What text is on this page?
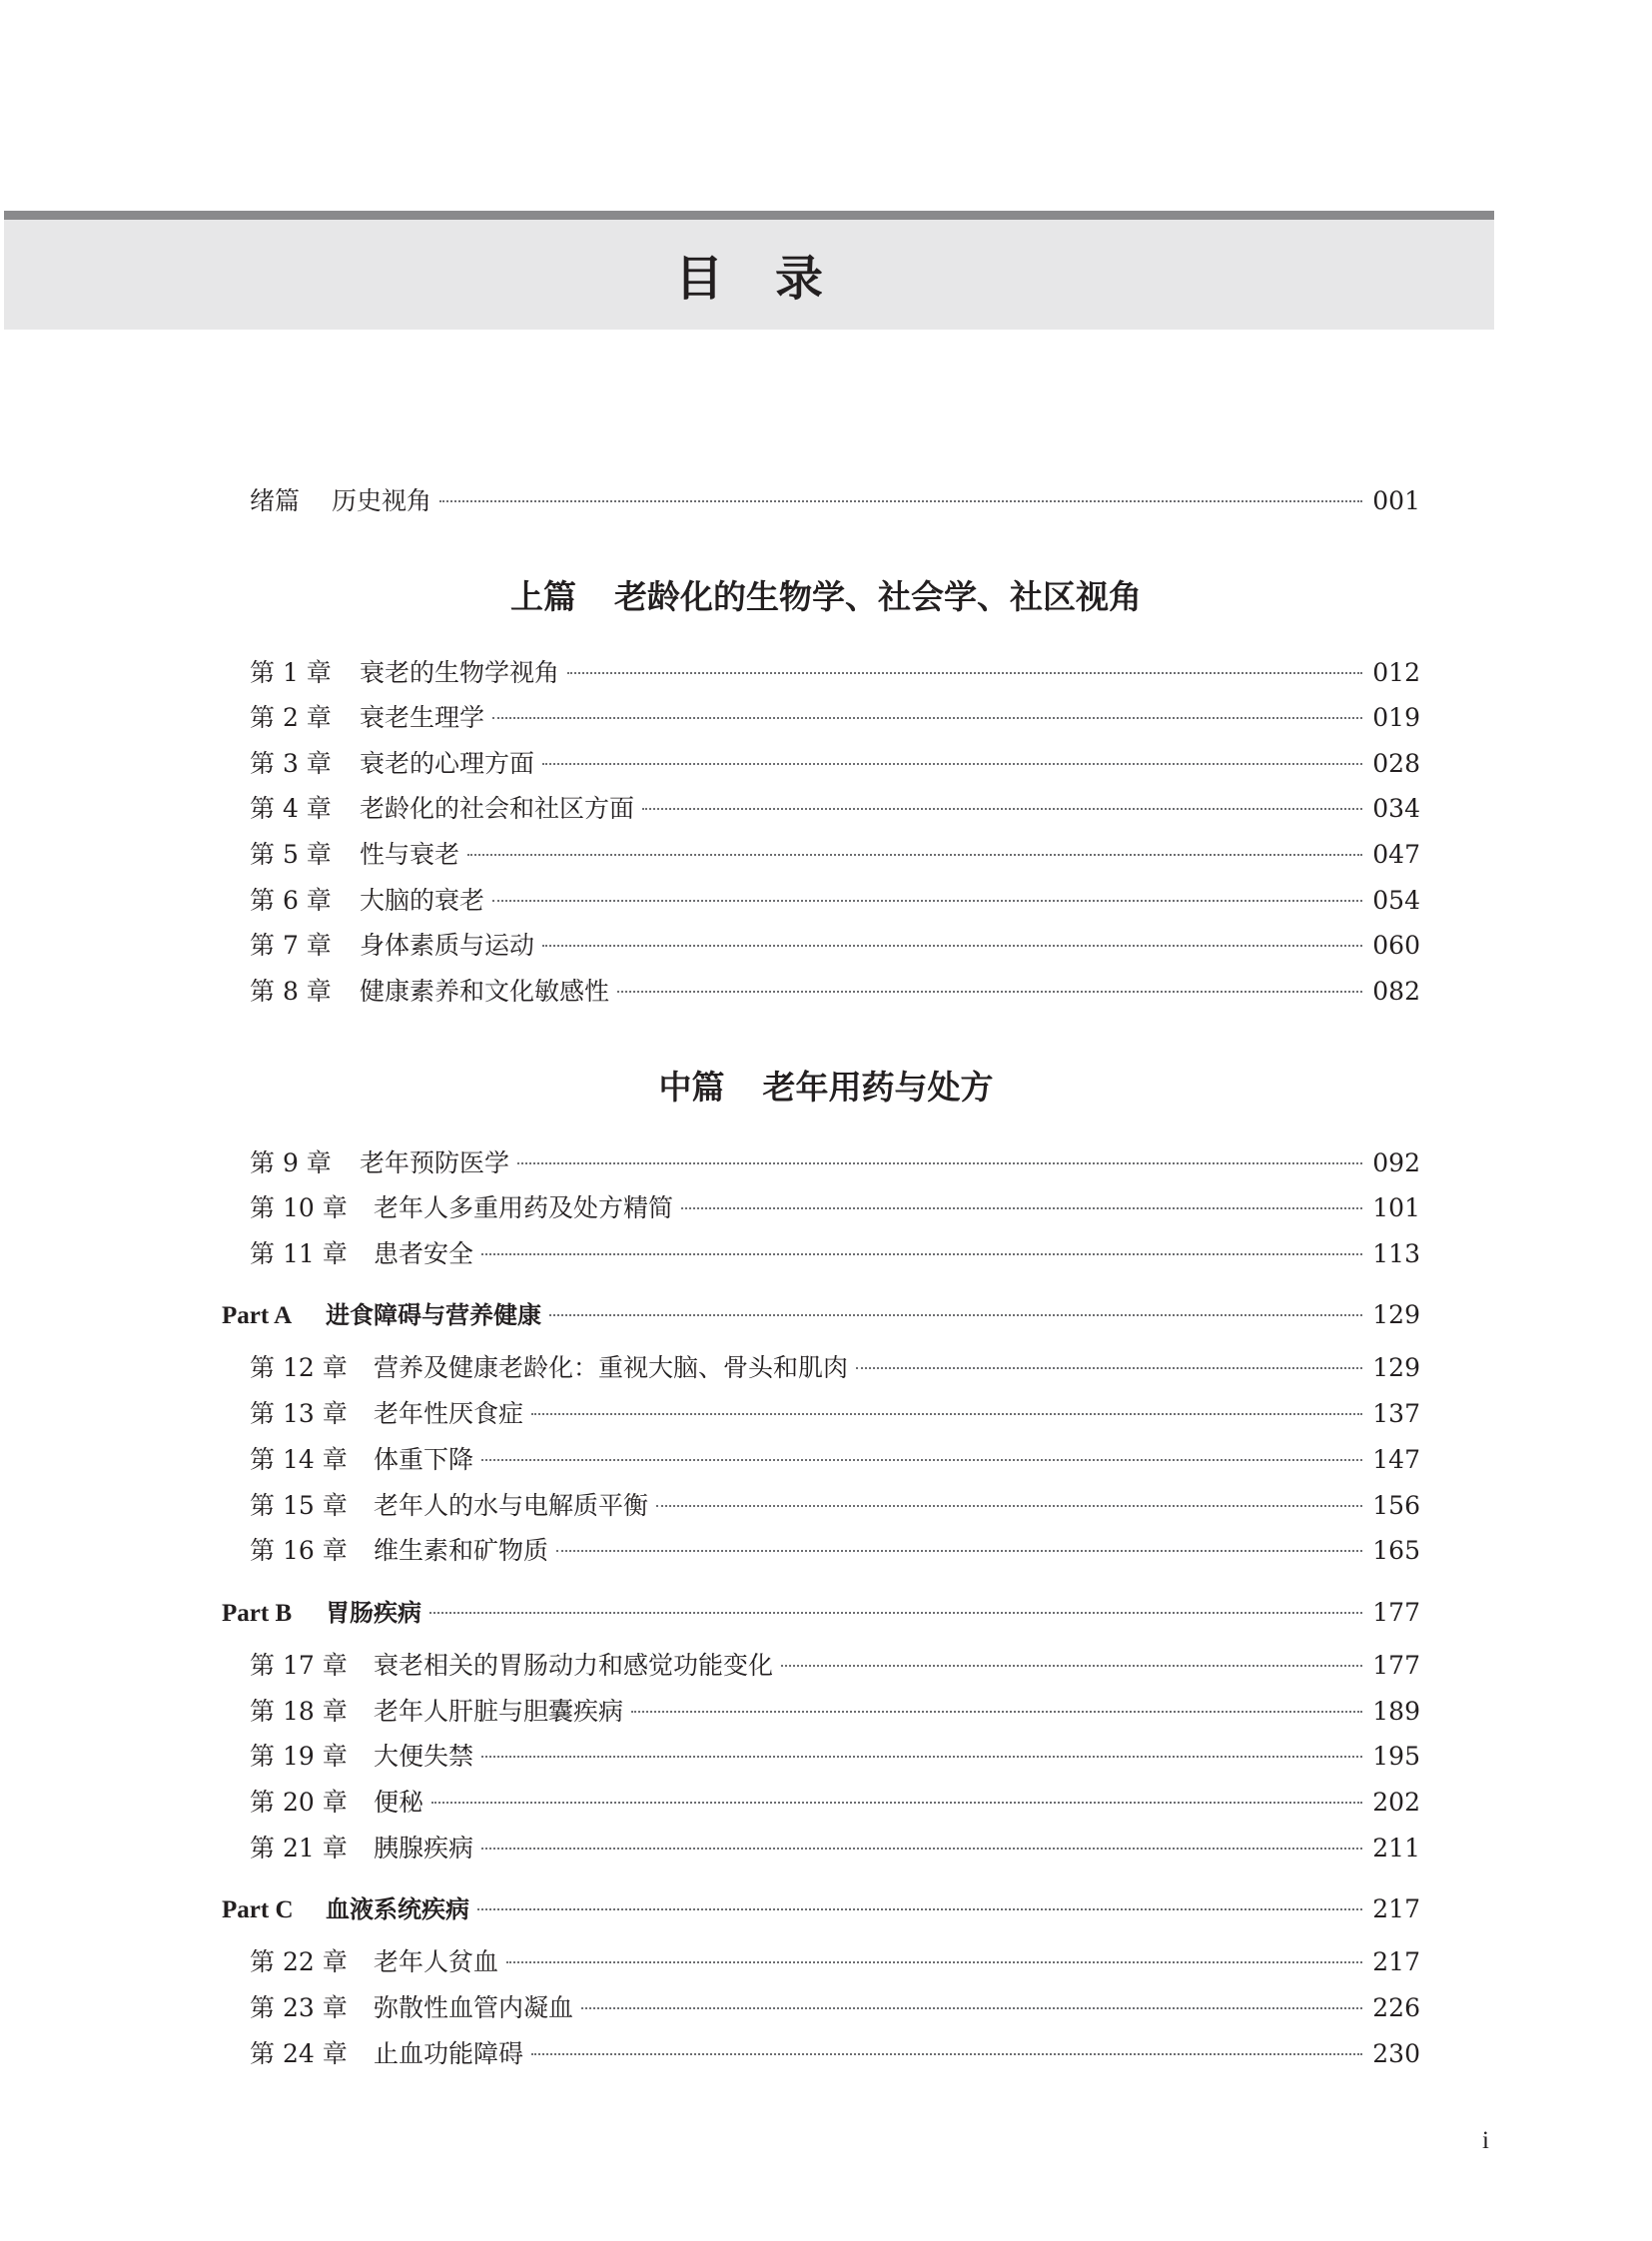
目录
绪篇	历史视角	001
上篇 老龄化的生物学、社会学、社区视角
第 1 章	衰老的生物学视角	012
第 2 章	衰老生理学	019
第 3 章	衰老的心理方面	028
第 4 章	老龄化的社会和社区方面	034
第 5 章	性与衰老	047
第 6 章	大脑的衰老	054
第 7 章	身体素质与运动	060
第 8 章	健康素养和文化敏感性	082
中篇 老年用药与处方
第 9 章	老年预防医学	092
第 10 章	老年人多重用药及处方精简	101
第 11 章	患者安全	113
Part A	进食障碍与营养健康	129
第 12 章	营养及健康老龄化：重视大脑、骨头和肌肉	129
第 13 章	老年性厌食症	137
第 14 章	体重下降	147
第 15 章	老年人的水与电解质平衡	156
第 16 章	维生素和矿物质	165
Part B	胃肠疾病	177
第 17 章	衰老相关的胃肠动力和感觉功能变化	177
第 18 章	老年人肝脏与胆囊疾病	189
第 19 章	大便失禁	195
第 20 章	便秘	202
第 21 章	胰腺疾病	211
Part C	血液系统疾病	217
第 22 章	老年人贫血	217
第 23 章	弥散性血管内凝血	226
第 24 章	止血功能障碍	230
i
